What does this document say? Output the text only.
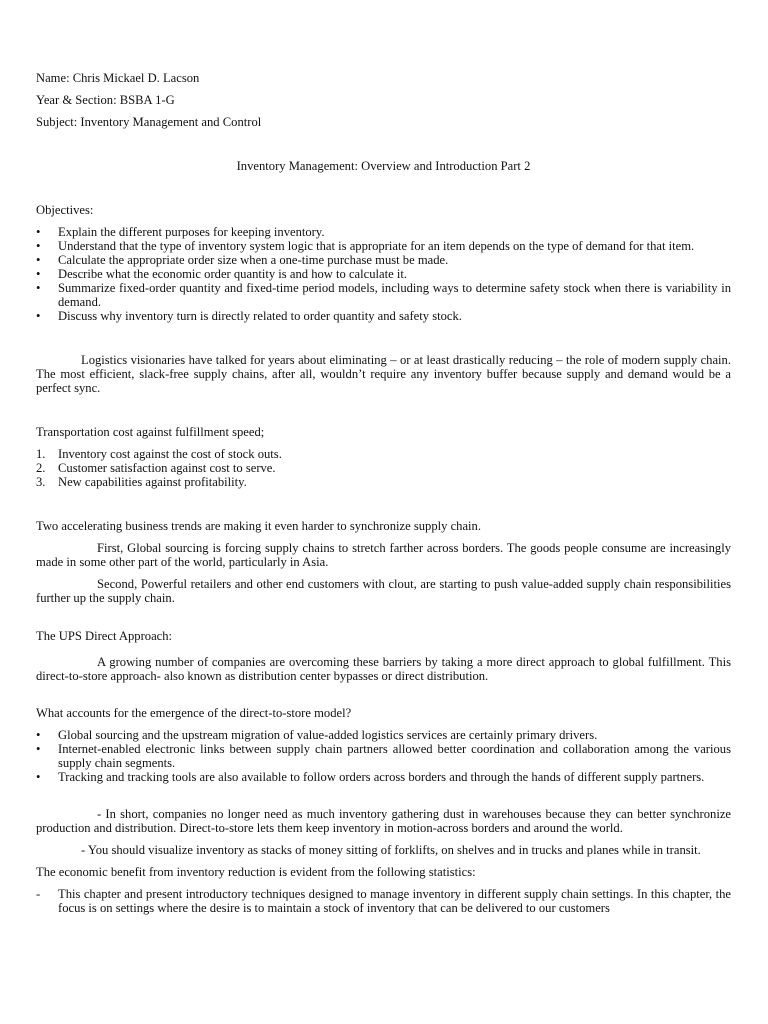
Name: Chris Mickael D. Lacson

Year & Section: BSBA 1-G

Subject: Inventory Management and Control

Inventory Management: Overview and Introduction Part 2

Objectives:

• Explain the different purposes for keeping inventory.
• Understand that the type of inventory system logic that is appropriate for an item depends on the type of demand for that item.
• Calculate the appropriate order size when a one-time purchase must be made.
• Describe what the economic order quantity is and how to calculate it.
• Summarize fixed-order quantity and fixed-time period models, including ways to determine safety stock when there is variability in demand.
• Discuss why inventory turn is directly related to order quantity and safety stock.

Logistics visionaries have talked for years about eliminating – or at least drastically reducing – the role of modern supply chain. The most efficient, slack-free supply chains, after all, wouldn’t require any inventory buffer because supply and demand would be a perfect sync.

Transportation cost against fulfillment speed;

1. Inventory cost against the cost of stock outs.
2. Customer satisfaction against cost to serve.
3. New capabilities against profitability.

Two accelerating business trends are making it even harder to synchronize supply chain.

First, Global sourcing is forcing supply chains to stretch farther across borders. The goods people consume are increasingly made in some other part of the world, particularly in Asia.

Second, Powerful retailers and other end customers with clout, are starting to push value-added supply chain responsibilities further up the supply chain.

The UPS Direct Approach:

A growing number of companies are overcoming these barriers by taking a more direct approach to global fulfillment. This direct-to-store approach- also known as distribution center bypasses or direct distribution.

What accounts for the emergence of the direct-to-store model?

• Global sourcing and the upstream migration of value-added logistics services are certainly primary drivers.
• Internet-enabled electronic links between supply chain partners allowed better coordination and collaboration among the various supply chain segments.
• Tracking and tracking tools are also available to follow orders across borders and through the hands of different supply partners.

- In short, companies no longer need as much inventory gathering dust in warehouses because they can better synchronize production and distribution. Direct-to-store lets them keep inventory in motion-across borders and around the world.

- You should visualize inventory as stacks of money sitting of forklifts, on shelves and in trucks and planes while in transit.

The economic benefit from inventory reduction is evident from the following statistics:

- This chapter and present introductory techniques designed to manage inventory in different supply chain settings. In this chapter, the focus is on settings where the desire is to maintain a stock of inventory that can be delivered to our customers
